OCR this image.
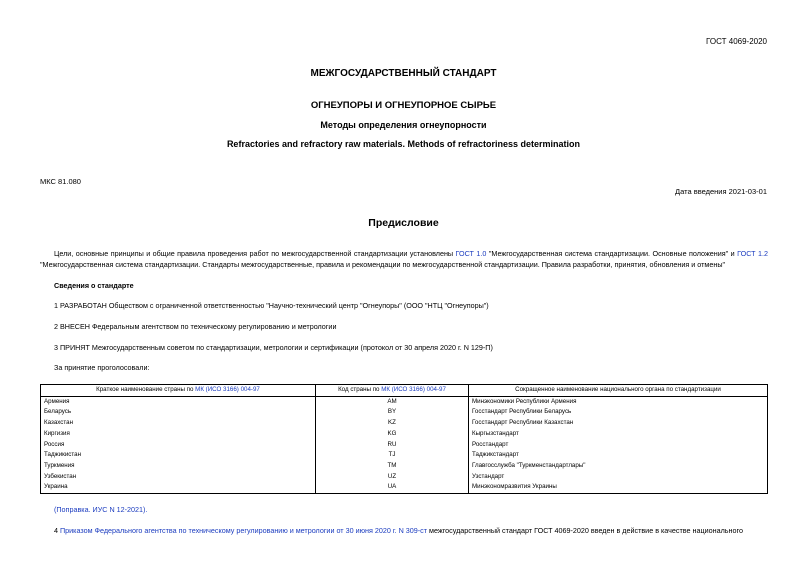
ГОСТ 4069-2020
МЕЖГОСУДАРСТВЕННЫЙ СТАНДАРТ
ОГНЕУПОРЫ И ОГНЕУПОРНОЕ СЫРЬЕ
Методы определения огнеупорности
Refractories and refractory raw materials. Methods of refractoriness determination
МКС 81.080
Дата введения 2021-03-01
Предисловие
Цели, основные принципы и общие правила проведения работ по межгосударственной стандартизации установлены ГОСТ 1.0 "Межгосударственная система стандартизации. Основные положения" и ГОСТ 1.2 "Межгосударственная система стандартизации. Стандарты межгосударственные, правила и рекомендации по межгосударственной стандартизации. Правила разработки, принятия, обновления и отмены"
Сведения о стандарте
1 РАЗРАБОТАН Обществом с ограниченной ответственностью "Научно-технический центр "Огнеупоры" (ООО "НТЦ "Огнеупоры")
2 ВНЕСЕН Федеральным агентством по техническому регулированию и метрологии
3 ПРИНЯТ Межгосударственным советом по стандартизации, метрологии и сертификации (протокол от 30 апреля 2020 г. N 129-П)
За принятие проголосовали:
Краткое наименование страны по МК (ИСО 3166) 004-97	Код страны по МК (ИСО 3166) 004-97	Сокращенное наименование национального органа по стандартизации
Армения	AM	Минэкономики Республики Армения
Беларусь	BY	Госстандарт Республики Беларусь
Казахстан	KZ	Госстандарт Республики Казахстан
Киргизия	KG	Кыргызстандарт
Россия	RU	Росстандарт
Таджикистан	TJ	Таджикстандарт
Туркмения	TM	Главгосслужба "Туркменстандартлары"
Узбекистан	UZ	Узстандарт
Украина	UA	Минэкономразвития Украины
(Поправка. ИУС N 12-2021).
4 Приказом Федерального агентства по техническому регулированию и метрологии от 30 июня 2020 г. N 309-ст межгосударственный стандарт ГОСТ 4069-2020 введен в действие в качестве национального
